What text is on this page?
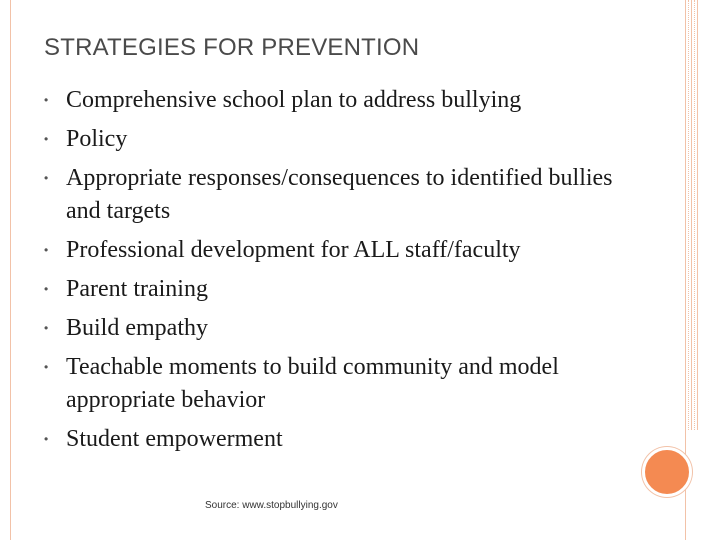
STRATEGIES FOR PREVENTION
• Comprehensive school plan to address bullying
• Policy
• Appropriate responses/consequences to identified bullies and targets
• Professional development for ALL staff/faculty
• Parent training
• Build empathy
• Teachable moments to build community and model appropriate behavior
• Student empowerment
Source: www.stopbullying.gov
